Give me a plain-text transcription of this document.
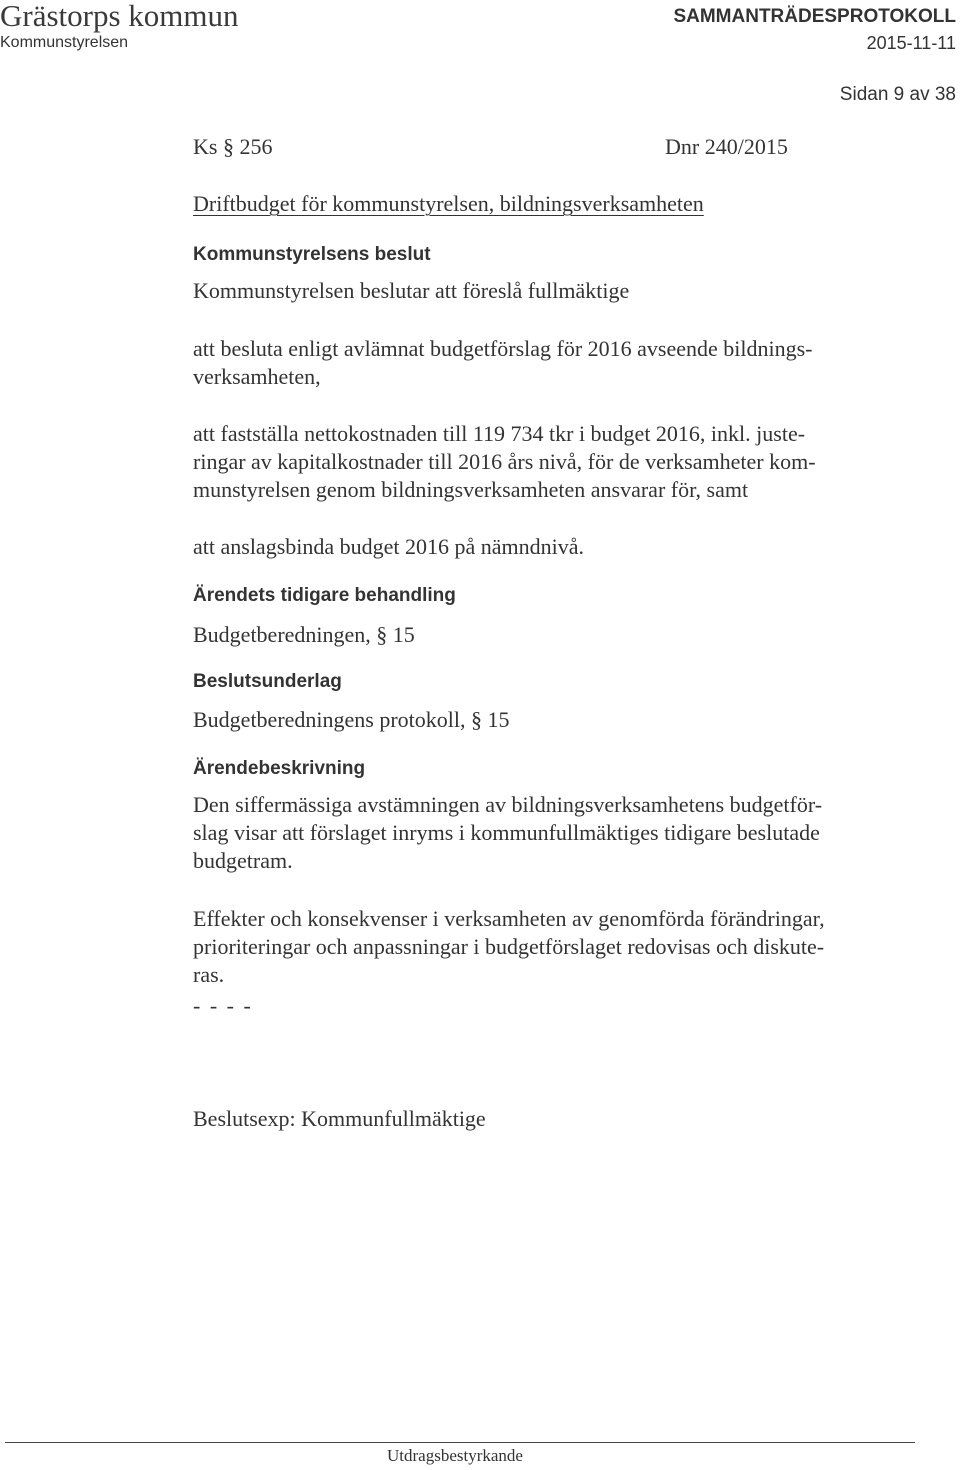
Grästorps kommun
Kommunstyrelsen
SAMMANTRÄDESPROTOKOLL
2015-11-11
Sidan 9 av 38
Ks § 256	Dnr 240/2015
Driftbudget för kommunstyrelsen, bildningsverksamheten
Kommunstyrelsens beslut
Kommunstyrelsen beslutar att föreslå fullmäktige
att besluta enligt avlämnat budgetförslag för 2016 avseende bildnings-
verksamheten,
att fastställa nettokostnaden till 119 734 tkr i budget 2016, inkl. juste-
ringar av kapitalkostnader till 2016 års nivå, för de verksamheter kom-
munstyrelsen genom bildningsverksamheten ansvarar för, samt
att anslagsbinda budget 2016 på nämndnivå.
Ärendets tidigare behandling
Budgetberedningen, § 15
Beslutsunderlag
Budgetberedningens protokoll, § 15
Ärendebeskrivning
Den siffermässiga avstämningen av bildningsverksamhetens budgetför-
slag visar att förslaget inryms i kommunfullmäktiges tidigare beslutade
budgetram.
Effekter och konsekvenser i verksamheten av genomförda förändringar,
prioriteringar och anpassningar i budgetförslaget redovisas och diskute-
ras.
- - - -
Beslutsexp: Kommunfullmäktige
Utdragsbestyrkande
